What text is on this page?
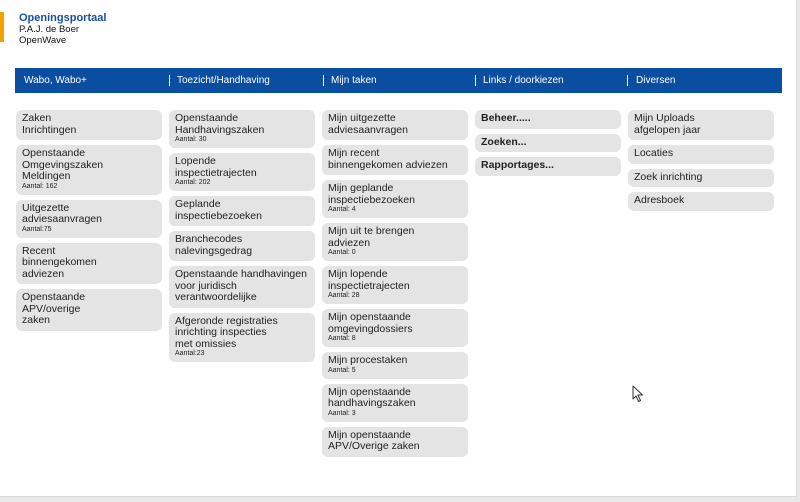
Openingsportaal
P.A.J. de Boer
OpenWave
Wabo, Wabo+	Toezicht/Handhaving	Mijn taken	Links / doorkiezen	Diversen
Zaken
Inrichtingen
Openstaande
Omgevingszaken
Meldingen
Aantal: 162
Uitgezette
adviesaanvragen
Aantal:75
Recent
binnengekomen
adviezen
Openstaande
APV/overige
zaken
Openstaande
Handhavingszaken
Aantal: 30
Lopende
inspectietrajecten
Aantal: 202
Geplande
inspectiebezoeken
Branchecodes
nalevingsgedrag
Openstaande handhavingen
voor juridisch
verantwoordelijke
Afgeronde registraties
inrichting inspecties
met omissies
Aantal:23
Mijn uitgezette
adviesaanvragen
Mijn recent
binnengekomen adviezen
Mijn geplande
inspectiebezoeken
Aantal: 4
Mijn uit te brengen
adviezen
Aantal: 0
Mijn lopende
inspectietrajecten
Aantal: 28
Mijn openstaande
omgevingdossiers
Aantal: 8
Mijn procestaken
Aantal: 5
Mijn openstaande
handhavingszaken
Aantal: 3
Mijn openstaande
APV/Overige zaken
Beheer.....
Zoeken...
Rapportages...
Mijn Uploads
afgelopen jaar
Locaties
Zoek inrichting
Adresboek
